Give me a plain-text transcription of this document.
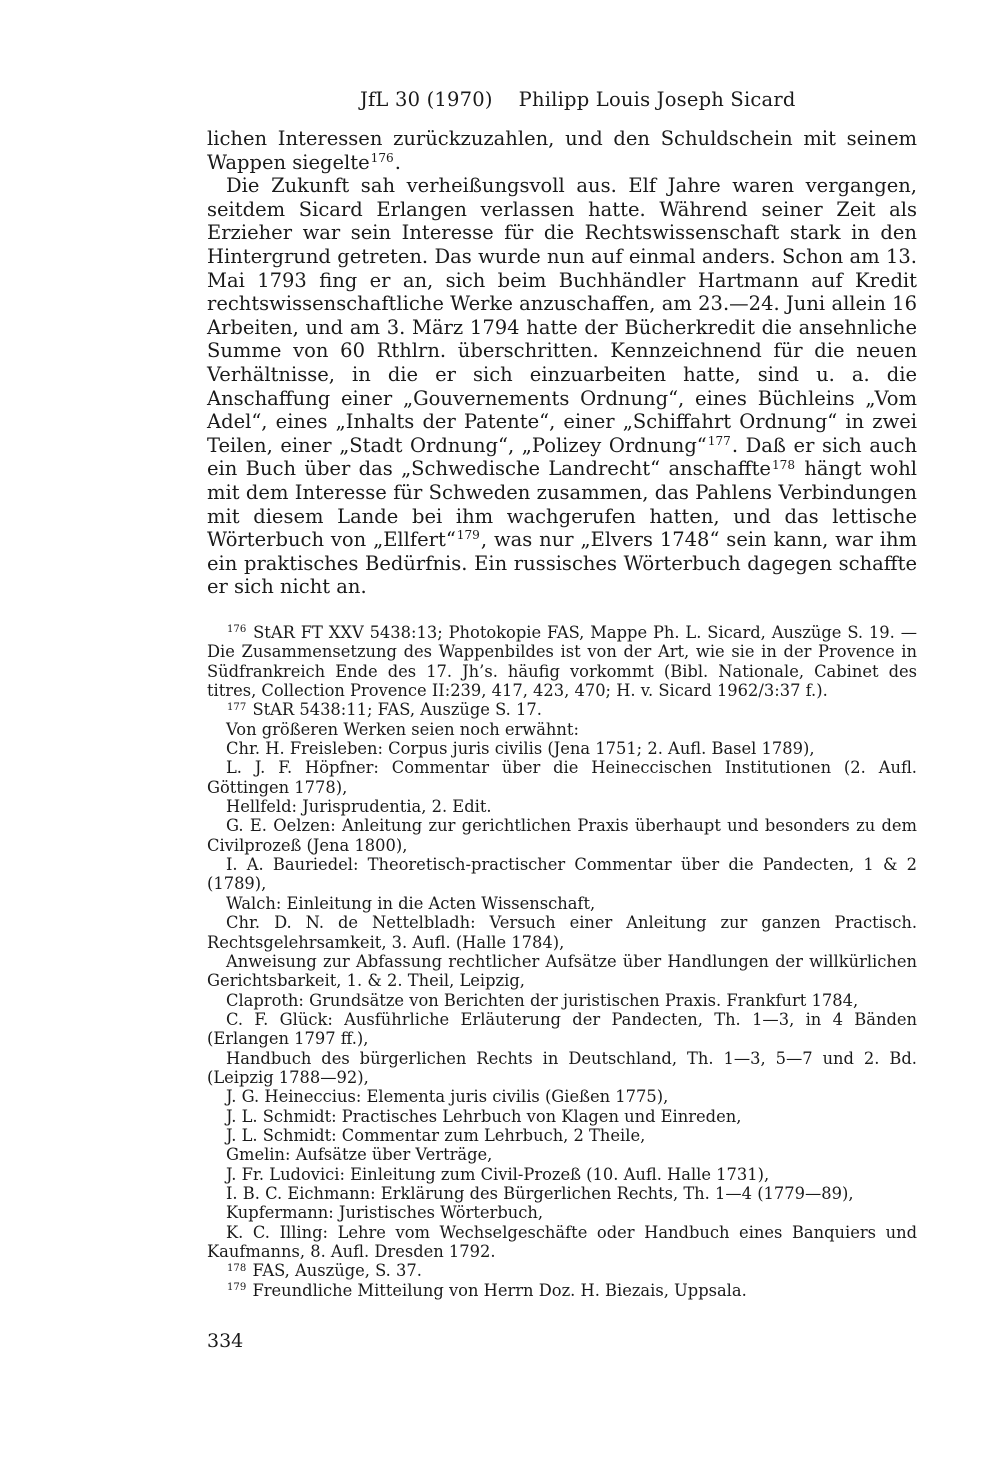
JfL 30 (1970) Philipp Louis Joseph Sicard

lichen Interessen zurückzuzahlen, und den Schuldschein mit seinem Wappen siegelte$^{176}$.

Die Zukunft sah verheißungsvoll aus. Elf Jahre waren vergangen, seitdem Sicard Erlangen verlassen hatte. Während seiner Zeit als Erzieher war sein Interesse für die Rechtswissenschaft stark in den Hintergrund getreten. Das wurde nun auf einmal anders. Schon am 13. Mai 1793 fing er an, sich beim Buchhändler Hartmann auf Kredit rechtswissenschaftliche Werke anzuschaffen, am 23.—24. Juni allein 16 Arbeiten, und am 3. März 1794 hatte der Bücherkredit die ansehnliche Summe von 60 Rthlrn. überschritten. Kennzeichnend für die neuen Verhältnisse, in die er sich einzuarbeiten hatte, sind u. a. die Anschaffung einer „Gouvernements Ordnung“, eines Büchleins „Vom Adel“, eines „Inhalts der Patente“, einer „Schiffahrt Ordnung“ in zwei Teilen, einer „Stadt Ordnung“, „Polizey Ordnung“$^{177}$. Daß er sich auch ein Buch über das „Schwedische Landrecht“ anschaffte$^{178}$ hängt wohl mit dem Interesse für Schweden zusammen, das Pahlens Verbindungen mit diesem Lande bei ihm wachgerufen hatten, und das lettische Wörterbuch von „Ellfert“$^{179}$, was nur „Elvers 1748“ sein kann, war ihm ein praktisches Bedürfnis. Ein russisches Wörterbuch dagegen schaffte er sich nicht an.

$^{176}$ StAR FT XXV 5438:13; Photokopie FAS, Mappe Ph. L. Sicard, Auszüge S. 19. — Die Zusammensetzung des Wappenbildes ist von der Art, wie sie in der Provence in Südfrankreich Ende des 17. Jh’s. häufig vorkommt (Bibl. Nationale, Cabinet des titres, Collection Provence II:239, 417, 423, 470; H. v. Sicard 1962/3:37 f.).

$^{177}$ StAR 5438:11; FAS, Auszüge S. 17.

Von größeren Werken seien noch erwähnt:

Chr. H. Freisleben: Corpus juris civilis (Jena 1751; 2. Aufl. Basel 1789),

L. J. F. Höpfner: Commentar über die Heineccischen Institutionen (2. Aufl. Göttingen 1778),

Hellfeld: Jurisprudentia, 2. Edit.

G. E. Oelzen: Anleitung zur gerichtlichen Praxis überhaupt und besonders zu dem Civilprozeß (Jena 1800),

I. A. Bauriedel: Theoretisch-practischer Commentar über die Pandecten, 1 & 2 (1789),

Walch: Einleitung in die Acten Wissenschaft,

Chr. D. N. de Nettelbladh: Versuch einer Anleitung zur ganzen Practisch. Rechtsgelehrsamkeit, 3. Aufl. (Halle 1784),

Anweisung zur Abfassung rechtlicher Aufsätze über Handlungen der willkürlichen Gerichtsbarkeit, 1. & 2. Theil, Leipzig,

Claproth: Grundsätze von Berichten der juristischen Praxis. Frankfurt 1784,

C. F. Glück: Ausführliche Erläuterung der Pandecten, Th. 1—3, in 4 Bänden (Erlangen 1797 ff.),

Handbuch des bürgerlichen Rechts in Deutschland, Th. 1—3, 5—7 und 2. Bd. (Leipzig 1788—92),

J. G. Heineccius: Elementa juris civilis (Gießen 1775),

J. L. Schmidt: Practisches Lehrbuch von Klagen und Einreden,

J. L. Schmidt: Commentar zum Lehrbuch, 2 Theile,

Gmelin: Aufsätze über Verträge,

J. Fr. Ludovici: Einleitung zum Civil-Prozeß (10. Aufl. Halle 1731),

I. B. C. Eichmann: Erklärung des Bürgerlichen Rechts, Th. 1—4 (1779—89),

Kupfermann: Juristisches Wörterbuch,

K. C. Illing: Lehre vom Wechselgeschäfte oder Handbuch eines Banquiers und Kaufmanns, 8. Aufl. Dresden 1792.

$^{178}$ FAS, Auszüge, S. 37.

$^{179}$ Freundliche Mitteilung von Herrn Doz. H. Biezais, Uppsala.

334
